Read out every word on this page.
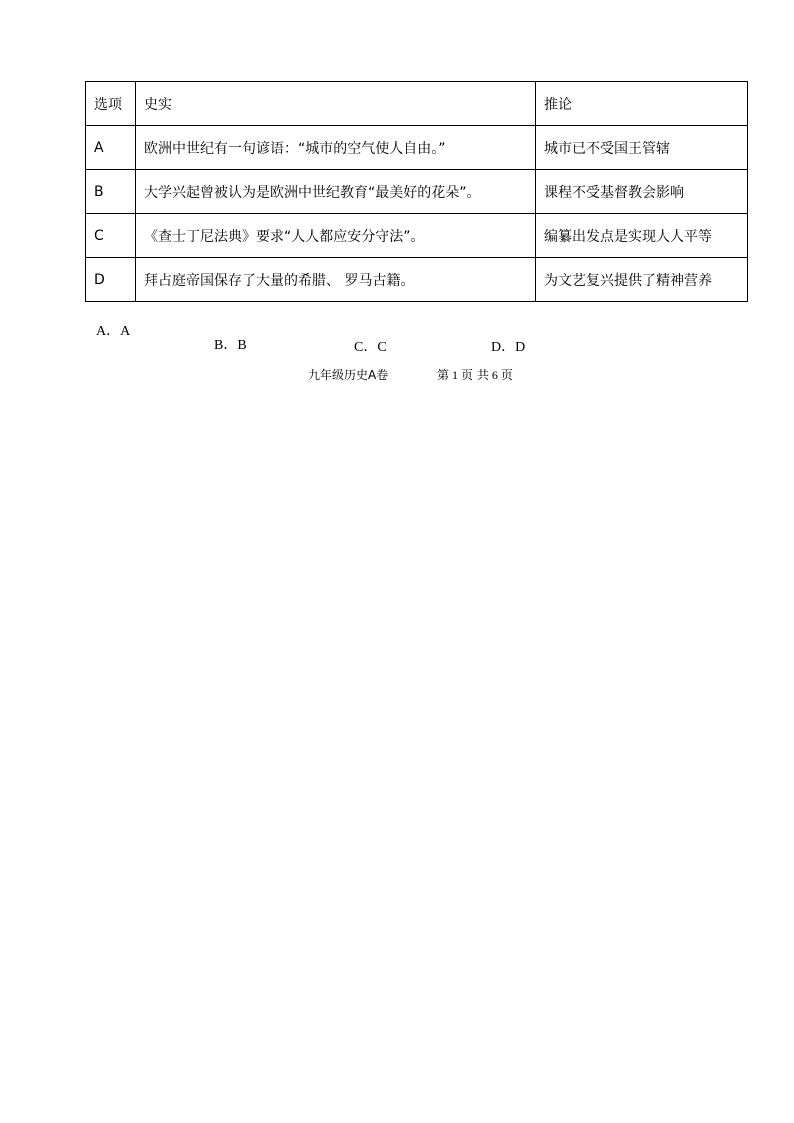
选项	史实	推论
A	欧洲中世纪有一句谚语：“城市的空气使人自由。”	城市已不受国王管辖
B	大学兴起曾被认为是欧洲中世纪教育“最美好的花朵”。	课程不受基督教会影响
C	《查士丁尼法典》要求“人人都应安分守法”。	编纂出发点是实现人人平等
D	拜占庭帝国保存了大量的希腊、 罗马古籍。	为文艺复兴提供了精神营养
A．A
B．B	C．C	D．D
九年级历史A卷	第 1 页 共 6 页
